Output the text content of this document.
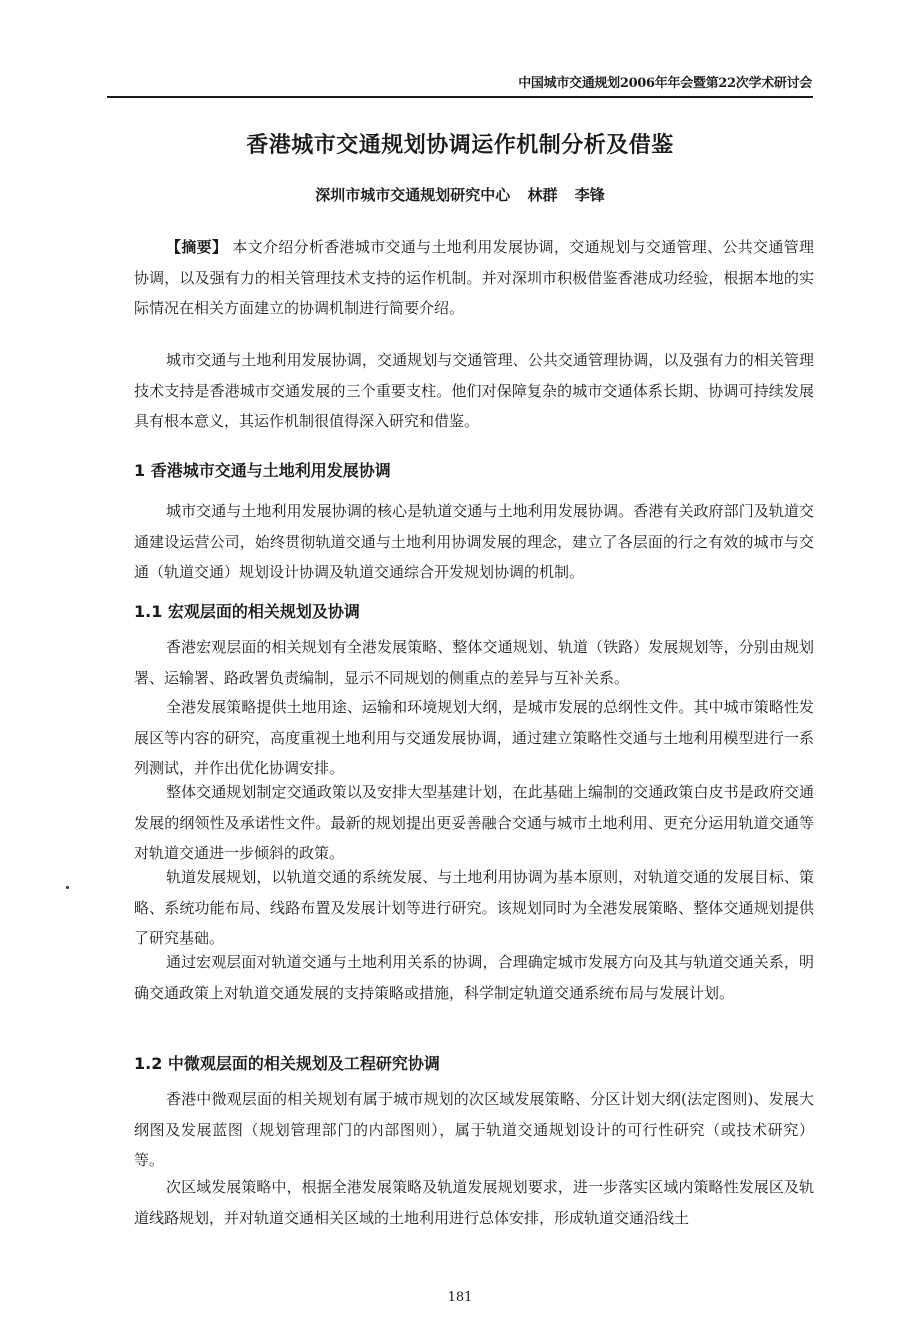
中国城市交通规划2006年年会暨第22次学术研讨会
香港城市交通规划协调运作机制分析及借鉴
深圳市城市交通规划研究中心 林群 李锋

【摘要】 本文介绍分析香港城市交通与土地利用发展协调，交通规划与交通管理、公共交通管理协调，以及强有力的相关管理技术支持的运作机制。并对深圳市积极借鉴香港成功经验，根据本地的实际情况在相关方面建立的协调机制进行简要介绍。

城市交通与土地利用发展协调，交通规划与交通管理、公共交通管理协调，以及强有力的相关管理技术支持是香港城市交通发展的三个重要支柱。他们对保障复杂的城市交通体系长期、协调可持续发展具有根本意义，其运作机制很值得深入研究和借鉴。

1 香港城市交通与土地利用发展协调

城市交通与土地利用发展协调的核心是轨道交通与土地利用发展协调。香港有关政府部门及轨道交通建设运营公司，始终贯彻轨道交通与土地利用协调发展的理念，建立了各层面的行之有效的城市与交通（轨道交通）规划设计协调及轨道交通综合开发规划协调的机制。

1.1 宏观层面的相关规划及协调

香港宏观层面的相关规划有全港发展策略、整体交通规划、轨道（铁路）发展规划等，分别由规划署、运输署、路政署负责编制，显示不同规划的侧重点的差异与互补关系。

全港发展策略提供土地用途、运输和环境规划大纲，是城市发展的总纲性文件。其中城市策略性发展区等内容的研究，高度重视土地利用与交通发展协调，通过建立策略性交通与土地利用模型进行一系列测试，并作出优化协调安排。

整体交通规划制定交通政策以及安排大型基建计划，在此基础上编制的交通政策白皮书是政府交通发展的纲领性及承诺性文件。最新的规划提出更妥善融合交通与城市土地利用、更充分运用轨道交通等对轨道交通进一步倾斜的政策。

轨道发展规划，以轨道交通的系统发展、与土地利用协调为基本原则，对轨道交通的发展目标、策略、系统功能布局、线路布置及发展计划等进行研究。该规划同时为全港发展策略、整体交通规划提供了研究基础。

通过宏观层面对轨道交通与土地利用关系的协调，合理确定城市发展方向及其与轨道交通关系，明确交通政策上对轨道交通发展的支持策略或措施，科学制定轨道交通系统布局与发展计划。

1.2 中微观层面的相关规划及工程研究协调

香港中微观层面的相关规划有属于城市规划的次区域发展策略、分区计划大纲(法定图则)、发展大纲图及发展蓝图（规划管理部门的内部图则），属于轨道交通规划设计的可行性研究（或技术研究）等。

次区域发展策略中，根据全港发展策略及轨道发展规划要求，进一步落实区域内策略性发展区及轨道线路规划，并对轨道交通相关区域的土地利用进行总体安排，形成轨道交通沿线土

181
